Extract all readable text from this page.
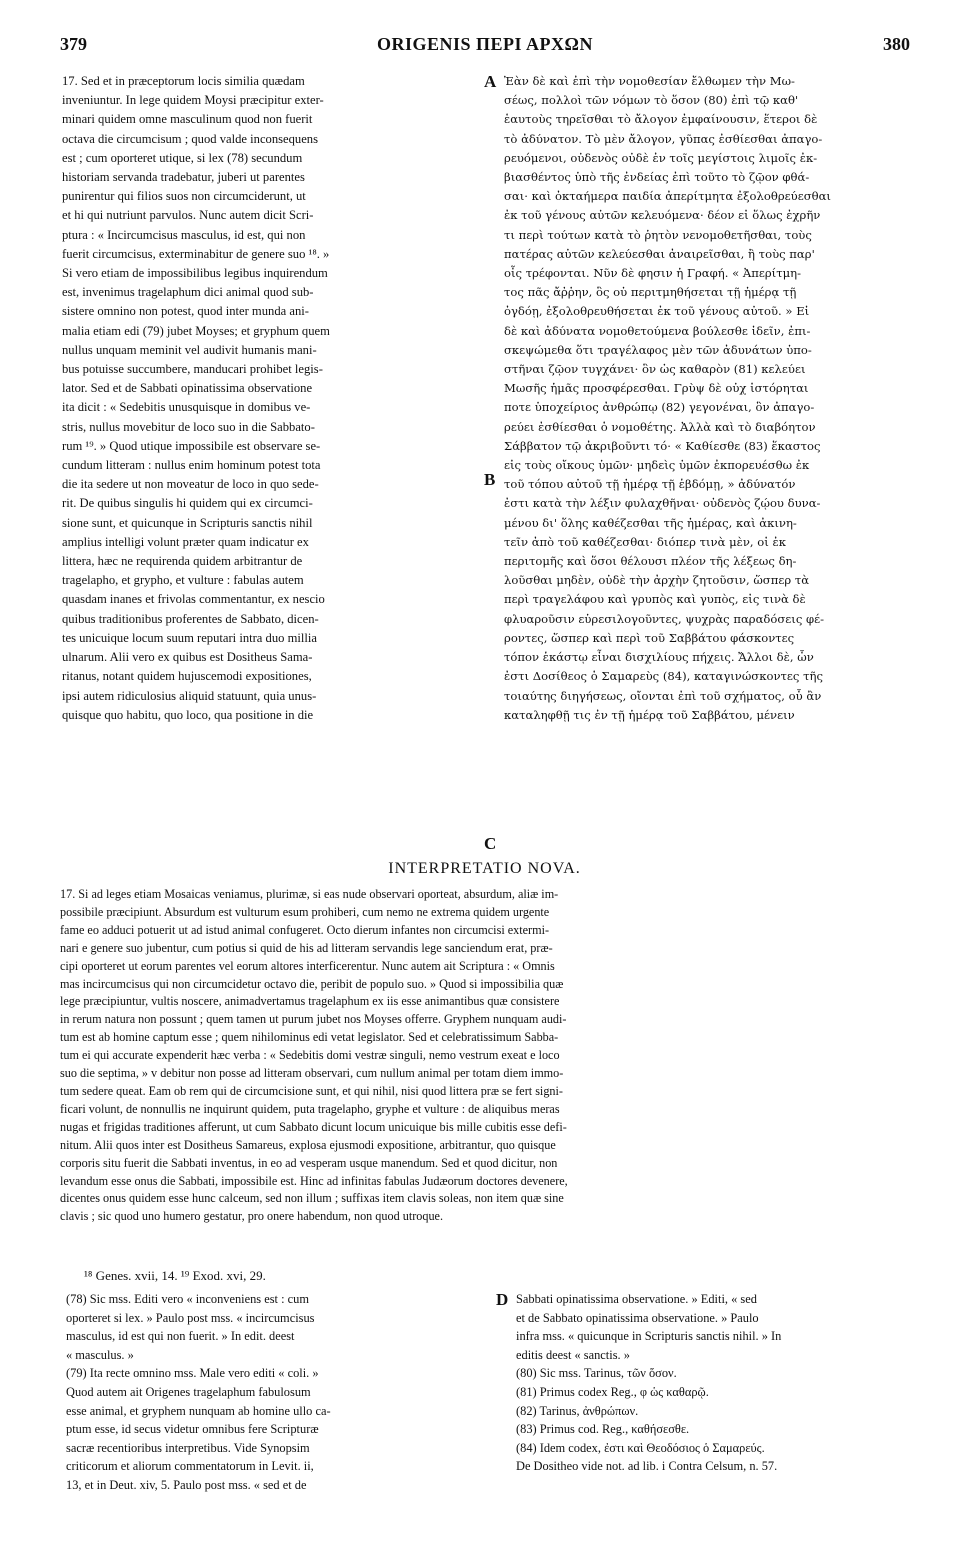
379	ORIGENIS ΠΕΡΙ ΑΡΧΩΝ	380
17. Sed et in præceptorum locis similia quædam
inveniuntur. In lege quidem Moysi præcipitur exter-
minari quidem omne masculinum quod non fuerit
octava die circumcisum ; quod valde inconsequens
est ; cum oporteret utique, si lex (78) secundum
historiam servanda tradebatur, juberi ut parentes
punirentur qui filios suos non circumciderunt, ut
et hi qui nutriunt parvulos. Nunc autem dicit Scri-
ptura : « Incircumcisus masculus, id est, qui non
fuerit circumcisus, exterminabitur de genere suo ¹⁸. »
Si vero etiam de impossibilibus legibus inquirendum
est, invenimus tragelaphum dici animal quod sub-
sistere omnino non potest, quod inter munda ani-
malia etiam edi (79) jubet Moyses; et gryphum quem
nullus unquam meminit vel audivit humanis mani-
bus potuisse succumbere, manducari prohibet legis-
lator. Sed et de Sabbati opinatissima observatione
ita dicit : « Sedebitis unusquisque in domibus ve-
stris, nullus movebitur de loco suo in die Sabbato-
rum ¹⁹. » Quod utique impossibile est observare se-
cundum litteram : nullus enim hominum potest tota
die ita sedere ut non moveatur de loco in quo sede-
rit. De quibus singulis hi quidem qui ex circumci-
sione sunt, et quicunque in Scripturis sanctis nihil
amplius intelligi volunt præter quam indicatur ex
littera, hæc ne requirenda quidem arbitrantur de
tragelapho, et grypho, et vulture : fabulas autem
quasdam inanes et frivolas commentantur, ex nescio
quibus traditionibus proferentes de Sabbato, dicen-
tes unicuique locum suum reputari intra duo millia
ulnarum. Alii vero ex quibus est Dositheus Sama-
ritanus, notant quidem hujuscemodi expositiones,
ipsi autem ridiculosius aliquid statuunt, quia unus-
quisque quo habitu, quo loco, qua positione in die
Ἐὰν δὲ καὶ ἐπὶ τὴν νομοθεσίαν ἔλθωμεν τὴν Μω-
σέως, πολλοὶ τῶν νόμων τὸ ὅσον (80) ἐπὶ τῷ καθ'
ἑαυτοὺς τηρεῖσθαι τὸ ἄλογον ἐμφαίνουσιν, ἕτεροι δὲ
τὸ ἀδύνατον. Τὸ μὲν ἄλογον, γῦπας ἐσθίεσθαι ἀπαγο-
ρευόμενοι, οὐδενὸς οὐδὲ ἐν τοῖς μεγίστοις λιμοῖς ἐκ-
βιασθέντος ὑπὸ τῆς ἐνδείας ἐπὶ τοῦτο τὸ ζῷον φθά-
σαι· καὶ ὀκταήμερα παιδία ἀπερίτμητα ἐξολοθρεύεσθαι
ἐκ τοῦ γένους αὐτῶν κελευόμενα· δέον εἰ ὅλως ἐχρῆν
τι περὶ τούτων κατὰ τὸ ῥητὸν νενομοθετῆσθαι, τοὺς
πατέρας αὐτῶν κελεύεσθαι ἀναιρεῖσθαι, ἢ τοὺς παρ'
οἷς τρέφονται. Νῦν δὲ φησιν ἡ Γραφή. « Ἀπερίτμη-
τος πᾶς ἄῤῥην, ὃς οὐ περιτμηθήσεται τῇ ἡμέρᾳ τῇ
ὀγδόῃ, ἐξολοθρευθήσεται ἐκ τοῦ γένους αὐτοῦ. » Εἰ
δὲ καὶ ἀδύνατα νομοθετούμενα βούλεσθε ἰδεῖν, ἐπι-
σκεψώμεθα ὅτι τραγέλαφος μὲν τῶν ἀδυνάτων ὑπο-
στῆναι ζῷον τυγχάνει· ὃν ὡς καθαρὸν (81) κελεύει
Μωσῆς ἡμᾶς προσφέρεσθαι. Γρὺψ δὲ οὐχ ἱστόρηται
ποτε ὑποχείριος ἀνθρώπῳ (82) γεγονέναι, ὃν ἀπαγο-
ρεύει ἐσθίεσθαι ὁ νομοθέτης. Ἀλλὰ καὶ τὸ διαβόητον
Σάββατον τῷ ἀκριβοῦντι τό· « Καθίεσθε (83) ἕκαστος
εἰς τοὺς οἴκους ὑμῶν· μηδεὶς ὑμῶν ἐκπορευέσθω ἐκ
τοῦ τόπου αὐτοῦ τῇ ἡμέρᾳ τῇ ἑβδόμῃ, » ἀδύνατόν
ἐστι κατὰ τὴν λέξιν φυλαχθῆναι· οὐδενὸς ζῴου δυνα-
μένου δι' ὅλης καθέζεσθαι τῆς ἡμέρας, καὶ ἀκινη-
τεῖν ἀπὸ τοῦ καθέζεσθαι· διόπερ τινὰ μὲν, οἱ ἐκ
περιτομῆς καὶ ὅσοι θέλουσι πλέον τῆς λέξεως δη-
λοῦσθαι μηδὲν, οὐδὲ τὴν ἀρχὴν ζητοῦσιν, ὥσπερ τὰ
περὶ τραγελάφου καὶ γρυπὸς καὶ γυπὸς, εἰς τινὰ δὲ
φλυαροῦσιν εὑρεσιλογοῦντες, ψυχρὰς παραδόσεις φέ-
ροντες, ὥσπερ καὶ περὶ τοῦ Σαββάτου φάσκοντες
τόπον ἑκάστῳ εἶναι δισχιλίους πήχεις. Ἄλλοι δὲ, ὧν
ἐστι Δοσίθεος ὁ Σαμαρεὺς (84), καταγινώσκοντες τῆς
τοιαύτης διηγήσεως, οἴονται ἐπὶ τοῦ σχήματος, οὗ ἂν
καταληφθῇ τις ἐν τῇ ἡμέρᾳ τοῦ Σαββάτου, μένειν
A
B
C
D
INTERPRETATIO NOVA.
17. Si ad leges etiam Mosaicas veniamus, plurimæ, si eas nude observari oporteat, absurdum, aliæ im-
possibile præcipiunt. Absurdum est vulturum esum prohiberi, cum nemo ne extrema quidem urgente
fame eo adduci potuerit ut ad istud animal confugeret. Octo dierum infantes non circumcisi extermi-
nari e genere suo jubentur, cum potius si quid de his ad litteram servandis lege sanciendum erat, præ-
cipi oporteret ut eorum parentes vel eorum altores interficerentur. Nunc autem ait Scriptura : « Omnis
mas incircumcisus qui non circumcidetur octavo die, peribit de populo suo. » Quod si impossibilia quæ
lege præcipiuntur, vultis noscere, animadvertamus tragelaphum ex iis esse animantibus quæ consistere
in rerum natura non possunt ; quem tamen ut purum jubet nos Moyses offerre. Gryphem nunquam audi-
tum est ab homine captum esse ; quem nihilominus edi vetat legislator. Sed et celebratissimum Sabba-
tum ei qui accurate expenderit hæc verba : « Sedebitis domi vestræ singuli, nemo vestrum exeat e loco
suo die septima, » v debitur non posse ad litteram observari, cum nullum animal per totam diem immo-
tum sedere queat. Eam ob rem qui de circumcisione sunt, et qui nihil, nisi quod littera præ se fert signi-
ficari volunt, de nonnullis ne inquirunt quidem, puta tragelapho, gryphe et vulture : de aliquibus meras
nugas et frigidas traditiones afferunt, ut cum Sabbato dicunt locum unicuique bis mille cubitis esse defi-
nitum. Alii quos inter est Dositheus Samareus, explosa ejusmodi expositione, arbitrantur, quo quisque
corporis situ fuerit die Sabbati inventus, in eo ad vesperam usque manendum. Sed et quod dicitur, non
levandum esse onus die Sabbati, impossibile est. Hinc ad infinitas fabulas Judæorum doctores devenere,
dicentes onus quidem esse hunc calceum, sed non illum ; suffixas item clavis soleas, non item quæ sine
clavis ; sic quod uno humero gestatur, pro onere habendum, non quod utroque.
¹⁸ Genes. xvii, 14. ¹⁹ Exod. xvi, 29.
(78) Sic mss. Editi vero « inconveniens est : cum
oporteret si lex. » Paulo post mss. « incircumcisus
masculus, id est qui non fuerit. » In edit. deest
« masculus. »
(79) Ita recte omnino mss. Male vero editi « coli. »
Quod autem ait Origenes tragelaphum fabulosum
esse animal, et gryphem nunquam ab homine ullo ca-
ptum esse, id secus videtur omnibus fere Scripturæ
sacræ recentioribus interpretibus. Vide Synopsim
criticorum et aliorum commentatorum in Levit. ii,
13, et in Deut. xiv, 5. Paulo post mss. « sed et de
Sabbati opinatissima observatione. » Editi, « sed
et de Sabbato opinatissima observatione. » Paulo
infra mss. « quicunque in Scripturis sanctis nihil. » In
editis deest « sanctis. »
(80) Sic mss. Tarinus, τῶν ὅσον.
(81) Primus codex Reg., φ ὡς καθαρῷ.
(82) Tarinus, ἀνθρώπων.
(83) Primus cod. Reg., καθήσεσθε.
(84) Idem codex, ἐστι καὶ Θεοδόσιος ὁ Σαμαρεύς.
De Dositheo vide not. ad lib. i Contra Celsum, n. 57.
